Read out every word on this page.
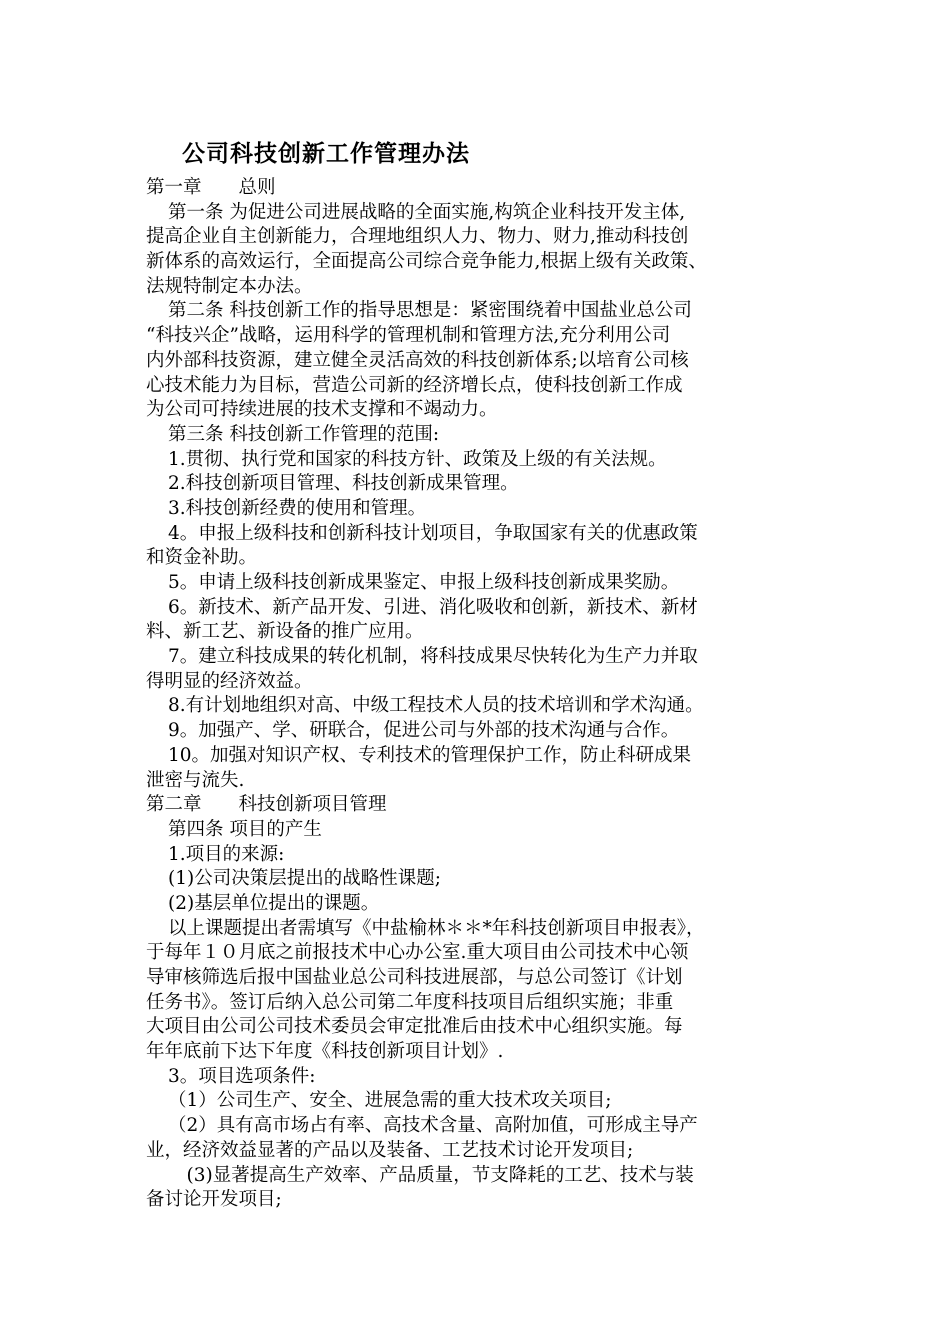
公司科技创新工作管理办法
第一章　　总则
第一条 为促进公司进展战略的全面实施,构筑企业科技开发主体,
提高企业自主创新能力，合理地组织人力、物力、财力,推动科技创
新体系的高效运行，全面提高公司综合竞争能力,根据上级有关政策、
法规特制定本办法。
第二条 科技创新工作的指导思想是：紧密围绕着中国盐业总公司
“科技兴企”战略，运用科学的管理机制和管理方法,充分利用公司
内外部科技资源，建立健全灵活高效的科技创新体系;以培育公司核
心技术能力为目标，营造公司新的经济增长点，使科技创新工作成
为公司可持续进展的技术支撑和不竭动力。
第三条 科技创新工作管理的范围:
1.贯彻、执行党和国家的科技方针、政策及上级的有关法规。
2.科技创新项目管理、科技创新成果管理。
3.科技创新经费的使用和管理。
4。申报上级科技和创新科技计划项目，争取国家有关的优惠政策
和资金补助。
5。申请上级科技创新成果鉴定、申报上级科技创新成果奖励。
6。新技术、新产品开发、引进、消化吸收和创新，新技术、新材
料、新工艺、新设备的推广应用。
7。建立科技成果的转化机制，将科技成果尽快转化为生产力并取
得明显的经济效益。
8.有计划地组织对高、中级工程技术人员的技术培训和学术沟通。
9。加强产、学、研联合，促进公司与外部的技术沟通与合作。
10。加强对知识产权、专利技术的管理保护工作，防止科研成果
泄密与流失.
第二章　　科技创新项目管理
第四条 项目的产生
1.项目的来源:
(1)公司决策层提出的战略性课题;
(2)基层单位提出的课题。
以上课题提出者需填写《中盐榆林＊＊*年科技创新项目申报表》，
于每年１０月底之前报技术中心办公室.重大项目由公司技术中心领
导审核筛选后报中国盐业总公司科技进展部，与总公司签订《计划
任务书》。签订后纳入总公司第二年度科技项目后组织实施；非重
大项目由公司公司技术委员会审定批准后由技术中心组织实施。每
年年底前下达下年度《科技创新项目计划》.
3。项目选项条件:
（1）公司生产、安全、进展急需的重大技术攻关项目;
（2）具有高市场占有率、高技术含量、高附加值，可形成主导产
业，经济效益显著的产品以及装备、工艺技术讨论开发项目;
　(3)显著提高生产效率、产品质量，节支降耗的工艺、技术与装
备讨论开发项目;
